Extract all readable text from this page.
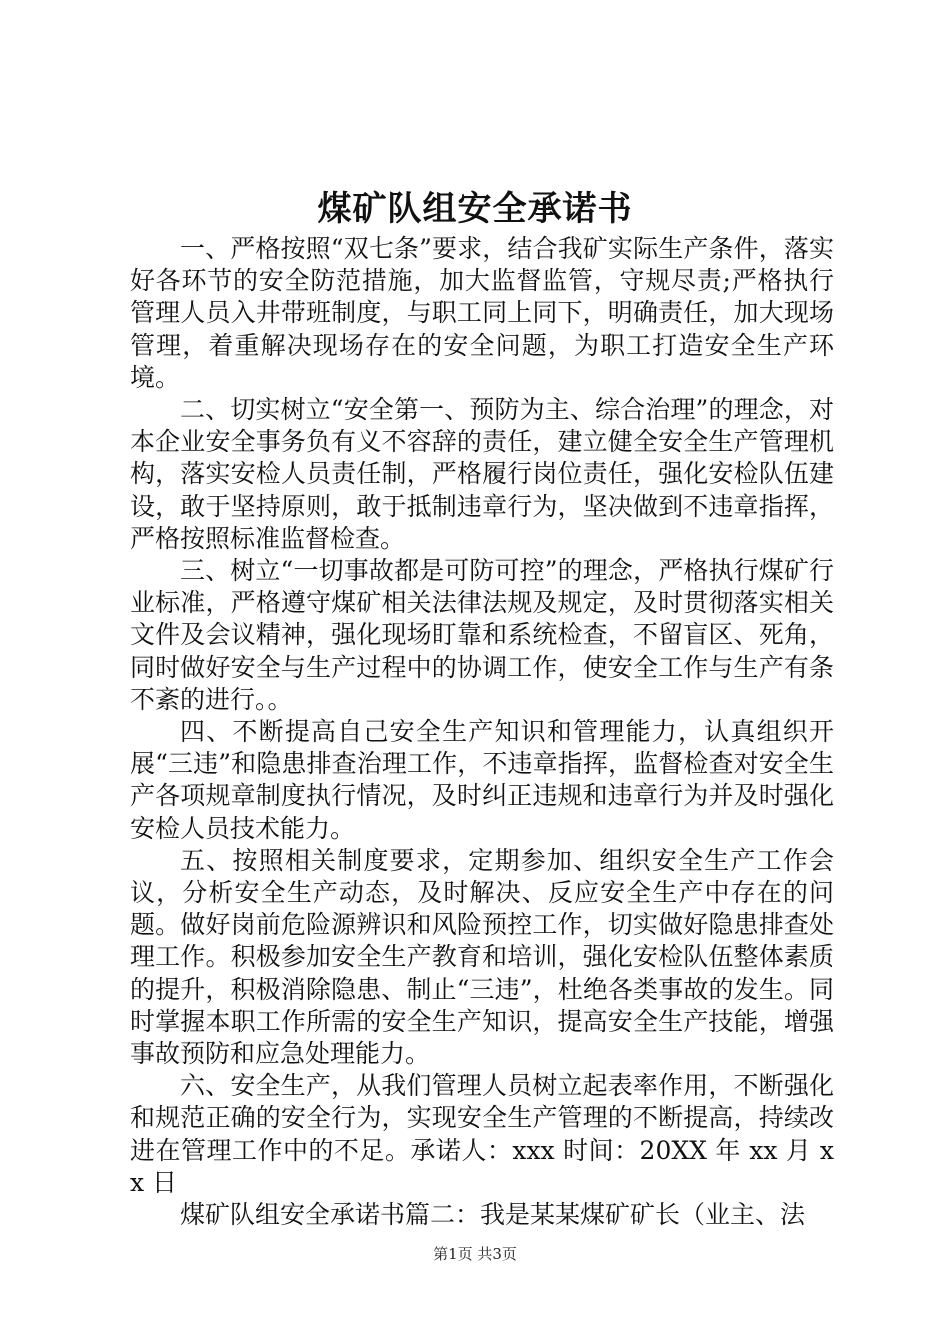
煤矿队组安全承诺书

一、严格按照“双七条”要求，结合我矿实际生产条件，落实好各环节的安全防范措施，加大监督监管，守规尽责;严格执行管理人员入井带班制度，与职工同上同下，明确责任，加大现场管理，着重解决现场存在的安全问题，为职工打造安全生产环境。

二、切实树立“安全第一、预防为主、综合治理”的理念，对本企业安全事务负有义不容辞的责任，建立健全安全生产管理机构，落实安检人员责任制，严格履行岗位责任，强化安检队伍建设，敢于坚持原则，敢于抵制违章行为，坚决做到不违章指挥，严格按照标准监督检查。

三、树立“一切事故都是可防可控”的理念，严格执行煤矿行业标准，严格遵守煤矿相关法律法规及规定，及时贯彻落实相关文件及会议精神，强化现场盯靠和系统检查，不留盲区、死角，同时做好安全与生产过程中的协调工作，使安全工作与生产有条不紊的进行。。

四、不断提高自己安全生产知识和管理能力，认真组织开展“三违”和隐患排查治理工作，不违章指挥，监督检查对安全生产各项规章制度执行情况，及时纠正违规和违章行为并及时强化安检人员技术能力。

五、按照相关制度要求，定期参加、组织安全生产工作会议，分析安全生产动态，及时解决、反应安全生产中存在的问题。做好岗前危险源辨识和风险预控工作，切实做好隐患排查处理工作。积极参加安全生产教育和培训，强化安检队伍整体素质的提升，积极消除隐患、制止“三违”，杜绝各类事故的发生。同时掌握本职工作所需的安全生产知识，提高安全生产技能，增强事故预防和应急处理能力。

六、安全生产，从我们管理人员树立起表率作用，不断强化和规范正确的安全行为，实现安全生产管理的不断提高，持续改进在管理工作中的不足。承诺人：xxx 时间：20XX 年 xx 月 xx 日

煤矿队组安全承诺书篇二：我是某某煤矿矿长（业主、法

第1页 共3页
